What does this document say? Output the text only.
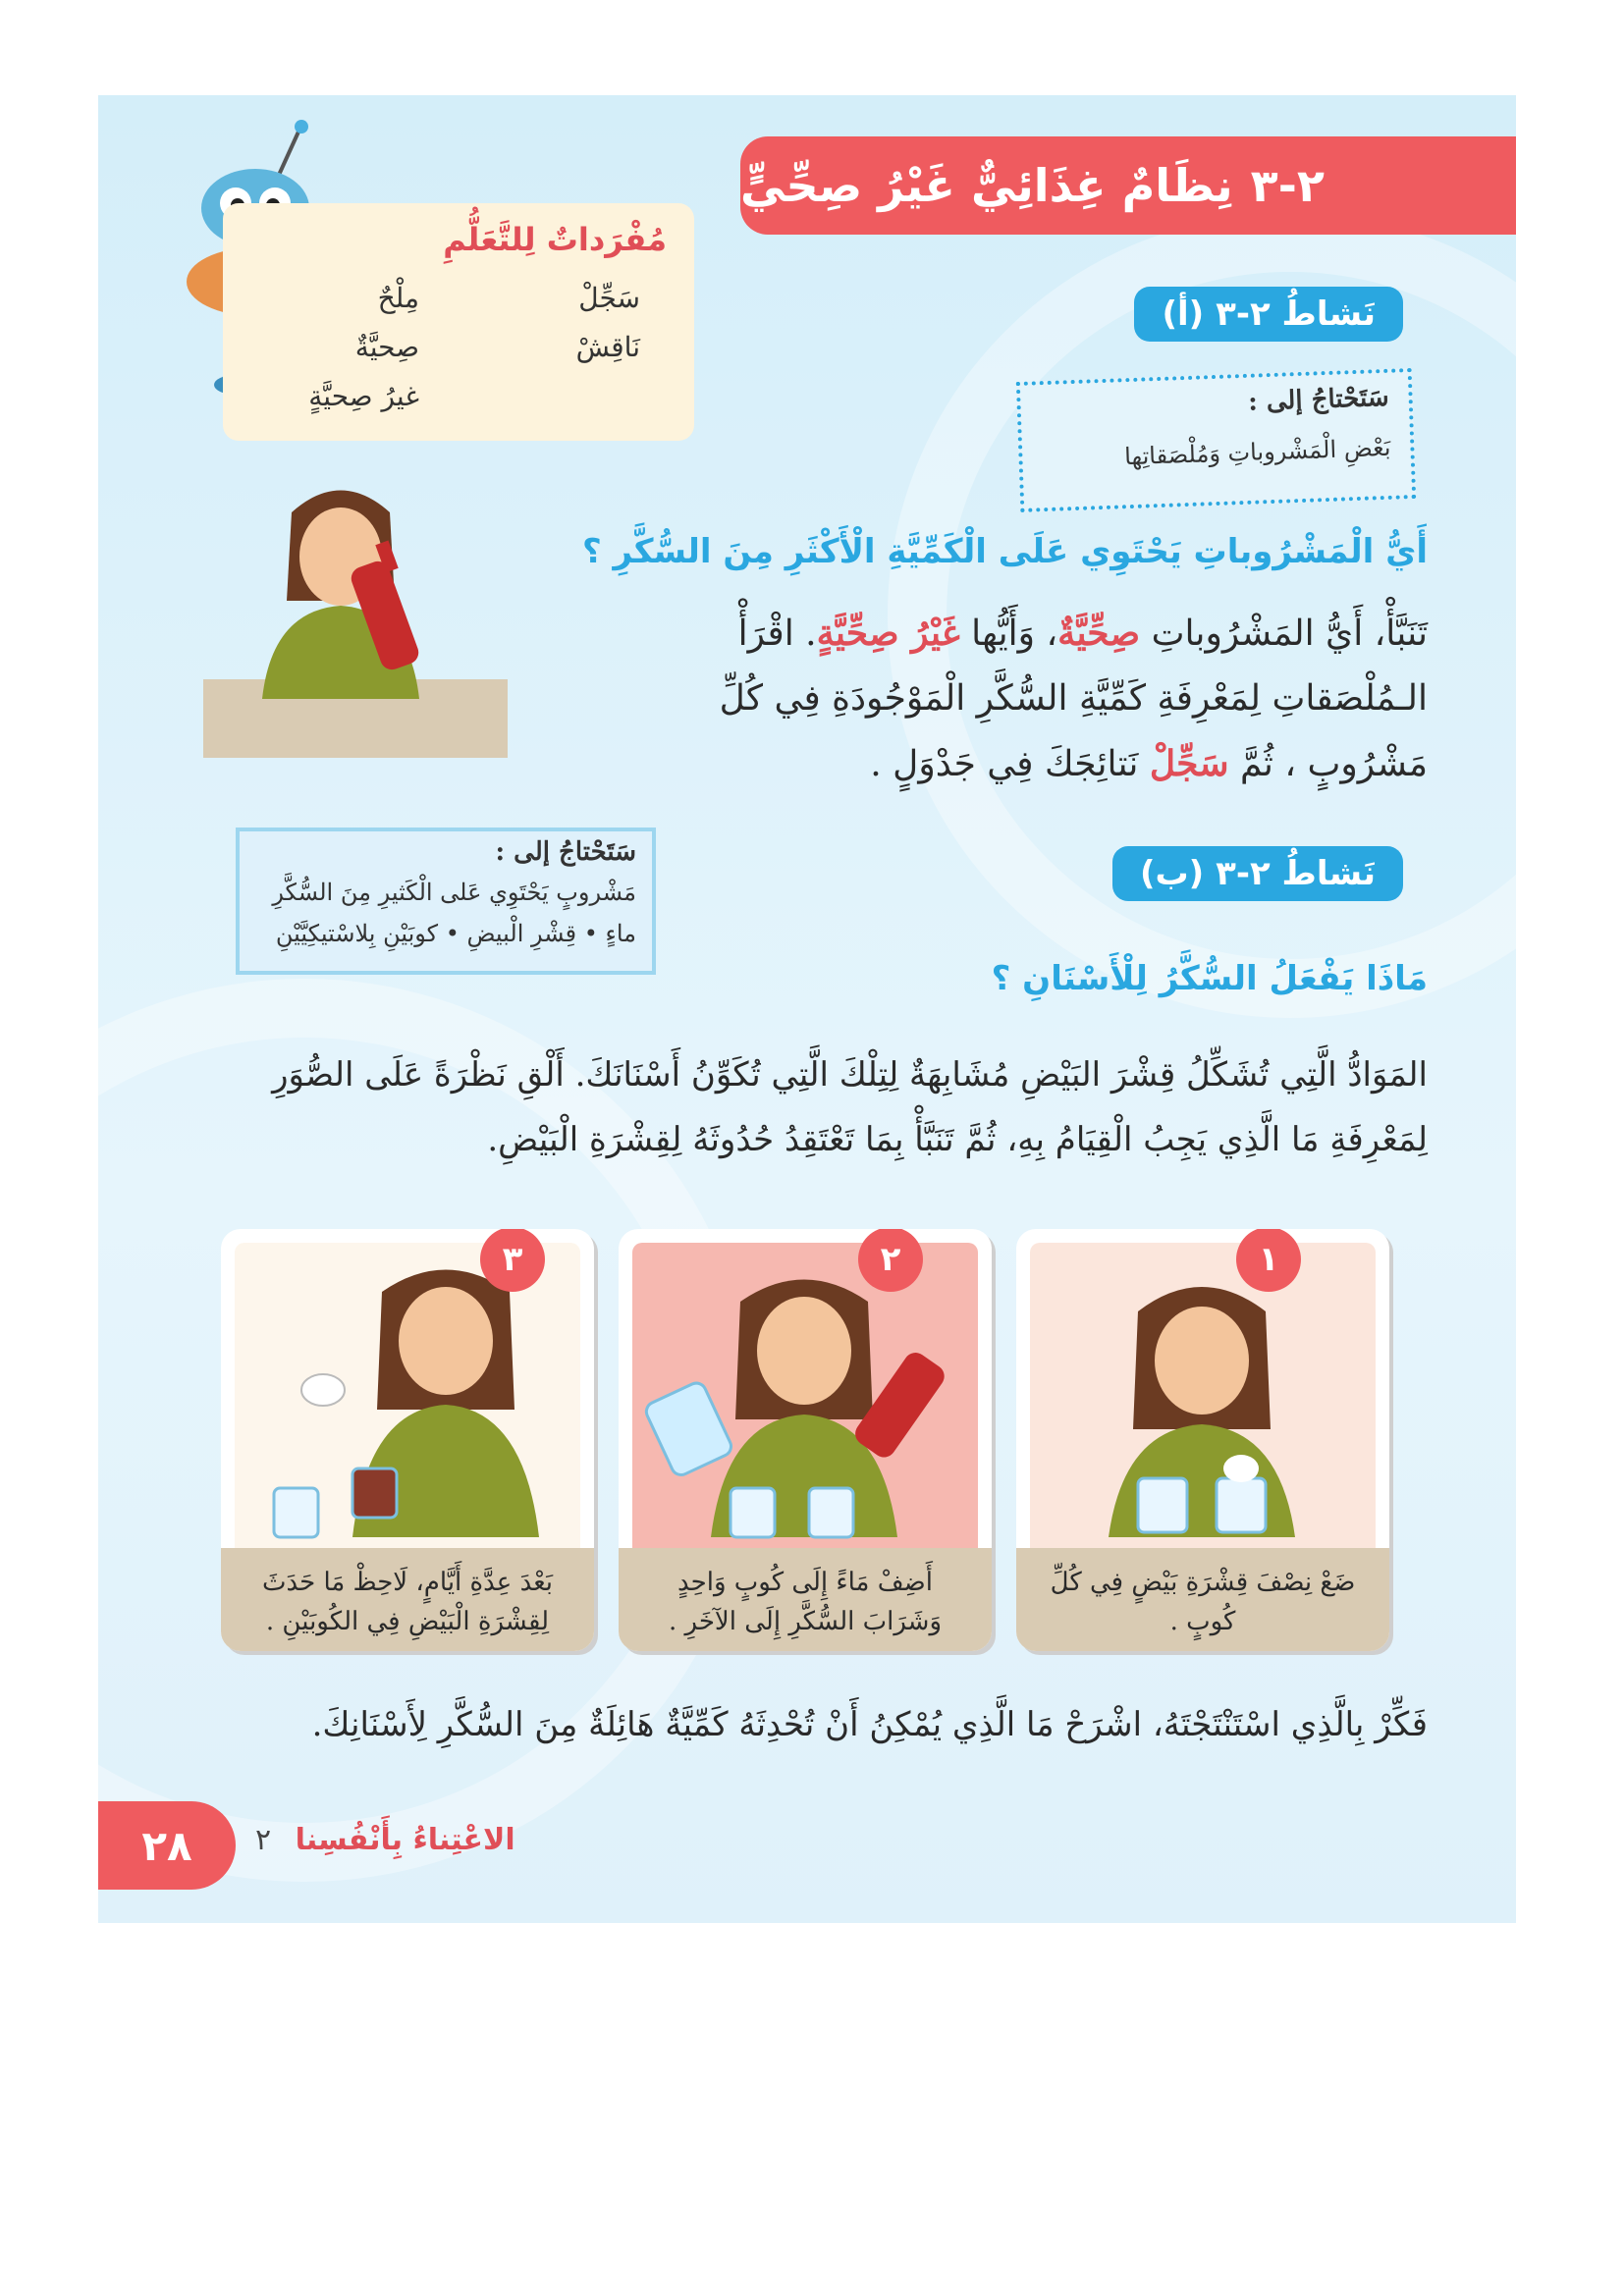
٢-٣
نِظَامٌ غِذَائِيٌّ غَيْرُ صِحِّيٍّ
مُفْرَداتٌ لِلتَّعَلُّمِ
سَجِّلْ
مِلْحٌ
نَاقِشْ
صِحيَّةٌ
غيرُ صِحيَّةٍ
نَشاطُ ٢-٣ (أ)
سَتَحْتاجُ إلى :
بَعْضِ الْمَشْروباتِ وَمُلْصَقاتِها
أَيُّ الْمَشْرُوباتِ يَحْتَوِي عَلَى الْكَمِّيَّةِ الْأَكْثَرِ مِنَ السُّكَّرِ ؟
تَنَبَّأْ، أَيُّ المَشْرُوباتِ صِحِّيَّةٌ، وَأَيُّها غَيْرُ صِحِّيَّةٍ. اقْرَأْ
الـمُلْصَقاتِ لِمَعْرِفَةِ كَمِّيَّةِ السُّكَّرِ الْمَوْجُودَةِ فِي كُلِّ
مَشْرُوبٍ ، ثُمَّ سَجِّلْ نَتائِجَكَ فِي جَدْوَلٍ .
نَشاطُ ٢-٣ (ب)
سَتَحْتاجُ إلى :
مَشْروبٍ يَحْتَوِي عَلى الْكَثيرِ مِنَ السُّكَّرِ
ماءٍ • قِشْرِ الْبيضِ • كوبَيْنِ بِلاسْتيكِيَّيْنِ
مَاذَا يَفْعَلُ السُّكَّرُ لِلْأَسْنَانِ ؟
المَوَادُّ الَّتِي تُشَكِّلُ قِشْرَ البَيْضِ مُشَابِهَةٌ لِتِلْكَ الَّتِي تُكَوِّنُ أَسْنَانَكَ. أَلْقِ نَظْرَةً عَلَى الصُّوَرِ
لِمَعْرِفَةِ مَا الَّذِي يَجِبُ الْقِيَامُ بِهِ، ثُمَّ تَنَبَّأْ بِمَا تَعْتَقِدُ حُدُوثَهُ لِقِشْرَةِ الْبَيْضِ.
ضَعْ نِصْفَ قِشْرَةِ بَيْضٍ فِي كُلِّ كُوبٍ .
١
أَضِفْ مَاءً إِلَى كُوبٍ وَاحِدٍ وَشَرَابَ السُّكَّرِ إِلَى الآخَرِ .
٢
بَعْدَ عِدَّةِ أَيَّامٍ، لَاحِظْ مَا حَدَثَ لِقِشْرَةِ الْبَيْضِ فِي الكُوبَيْنِ .
٣
فَكِّرْ بِالَّذِي اسْتَنْتَجْتَهُ، اشْرَحْ مَا الَّذِي يُمْكِنُ أَنْ تُحْدِثَهُ كَمِّيَّةٌ هَائِلَةٌ مِنَ السُّكَّرِ لِأَسْنَانِكَ.
٢٨	الاعْتِناءُ بِأَنْفُسِنا ٢
